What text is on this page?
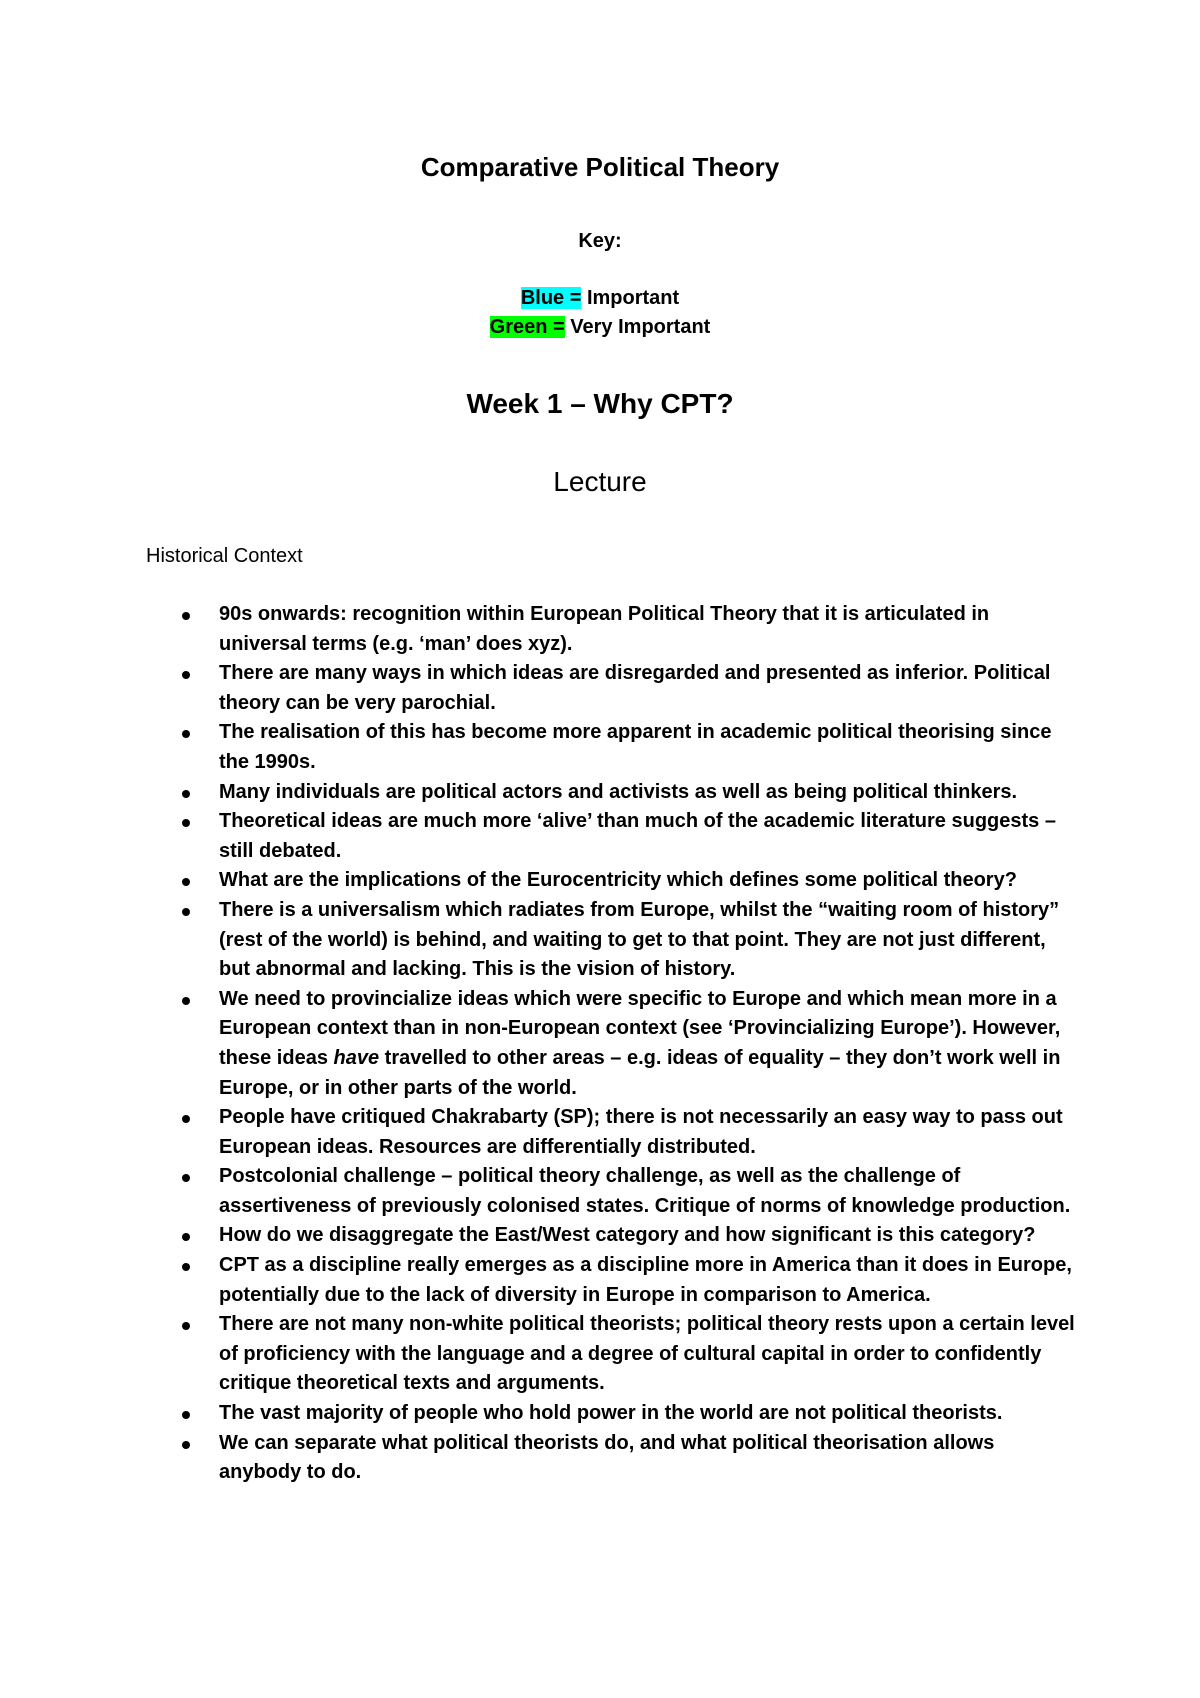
Comparative Political Theory
Key:
Blue = Important
Green = Very Important
Week 1 – Why CPT?
Lecture
Historical Context
90s onwards: recognition within European Political Theory that it is articulated in universal terms (e.g. ‘man’ does xyz).
There are many ways in which ideas are disregarded and presented as inferior. Political theory can be very parochial.
The realisation of this has become more apparent in academic political theorising since the 1990s.
Many individuals are political actors and activists as well as being political thinkers.
Theoretical ideas are much more ‘alive’ than much of the academic literature suggests – still debated.
What are the implications of the Eurocentricity which defines some political theory?
There is a universalism which radiates from Europe, whilst the “waiting room of history” (rest of the world) is behind, and waiting to get to that point. They are not just different, but abnormal and lacking. This is the vision of history.
We need to provincialize ideas which were specific to Europe and which mean more in a European context than in non-European context (see ‘Provincializing Europe’). However, these ideas have travelled to other areas – e.g. ideas of equality – they don’t work well in Europe, or in other parts of the world.
People have critiqued Chakrabarty (SP); there is not necessarily an easy way to pass out European ideas. Resources are differentially distributed.
Postcolonial challenge – political theory challenge, as well as the challenge of assertiveness of previously colonised states. Critique of norms of knowledge production.
How do we disaggregate the East/West category and how significant is this category?
CPT as a discipline really emerges as a discipline more in America than it does in Europe, potentially due to the lack of diversity in Europe in comparison to America.
There are not many non-white political theorists; political theory rests upon a certain level of proficiency with the language and a degree of cultural capital in order to confidently critique theoretical texts and arguments.
The vast majority of people who hold power in the world are not political theorists.
We can separate what political theorists do, and what political theorisation allows anybody to do.
